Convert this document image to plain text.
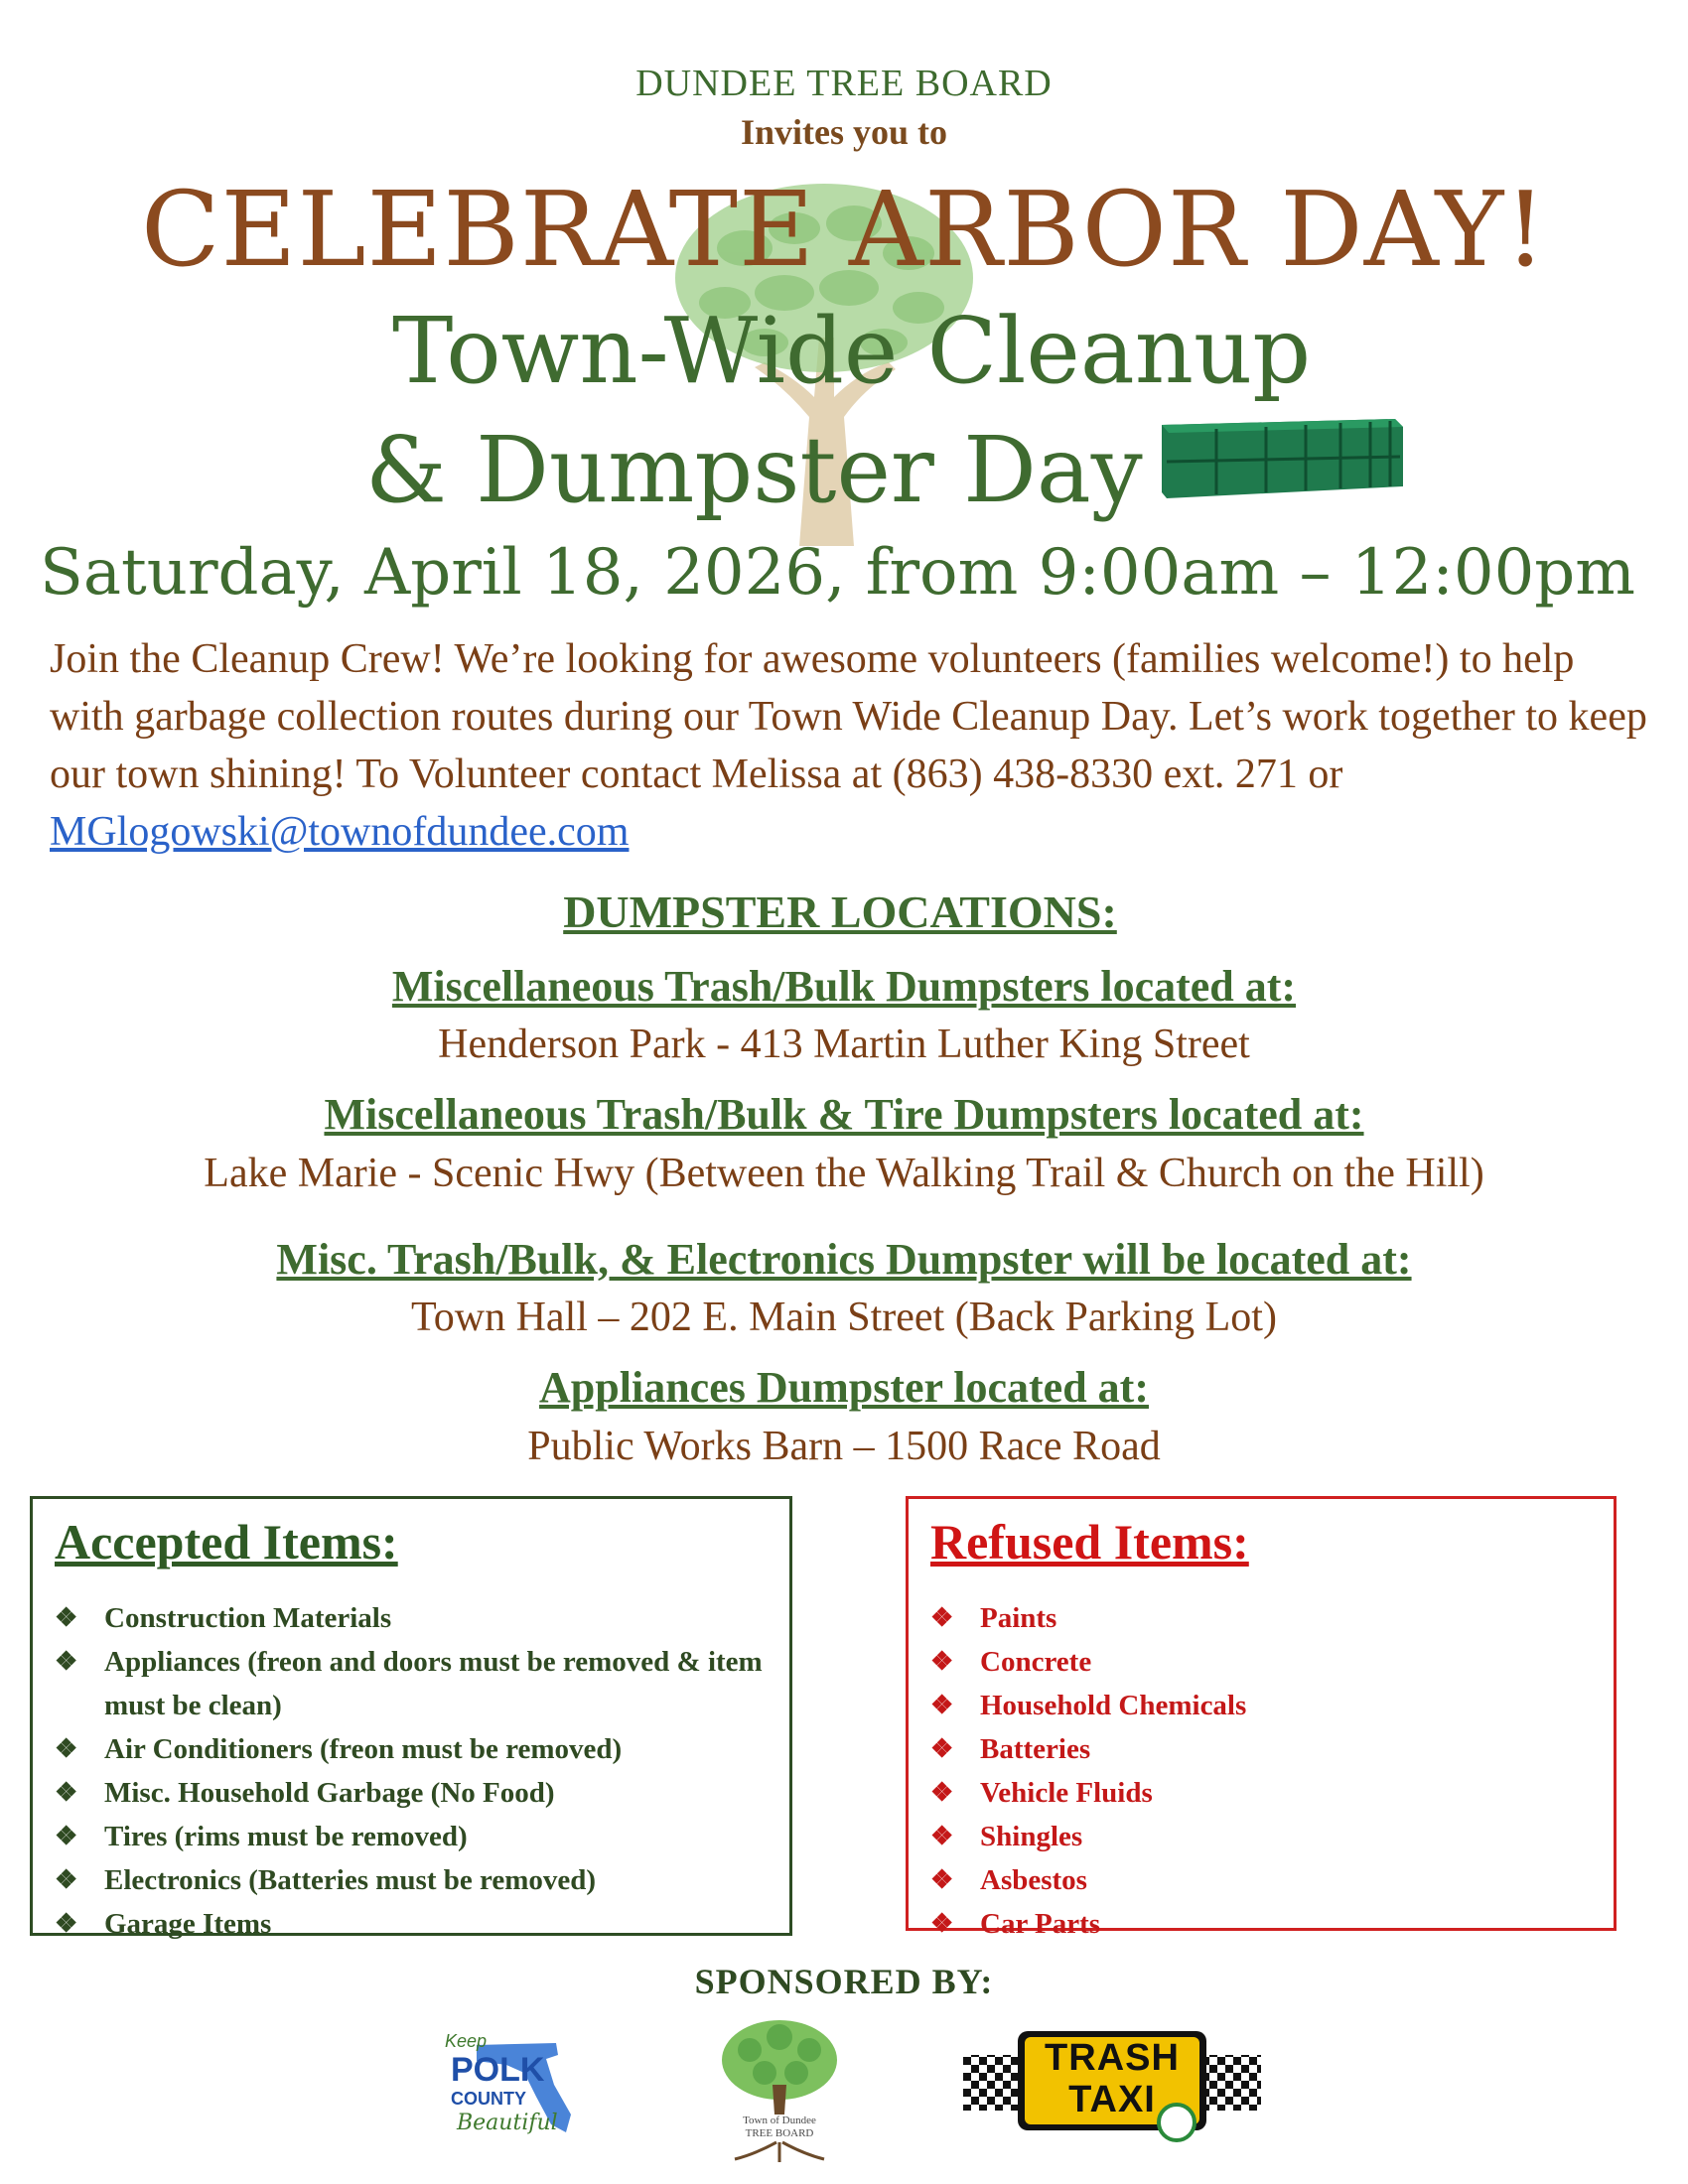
DUNDEE TREE BOARD
Invites you to
CELEBRATE ARBOR DAY!
Town-Wide Cleanup
& Dumpster Day
Saturday, April 18, 2026, from 9:00am – 12:00pm
Join the Cleanup Crew! We’re looking for awesome volunteers (families welcome!) to help with garbage collection routes during our Town Wide Cleanup Day. Let’s work together to keep our town shining! To Volunteer contact Melissa at (863) 438-8330 ext. 271 or MGlogowski@townofdundee.com
DUMPSTER LOCATIONS:
Miscellaneous Trash/Bulk Dumpsters located at:
Henderson Park - 413 Martin Luther King Street
Miscellaneous Trash/Bulk & Tire Dumpsters located at:
Lake Marie - Scenic Hwy (Between the Walking Trail & Church on the Hill)
Misc. Trash/Bulk, & Electronics Dumpster will be located at:
Town Hall – 202 E. Main Street (Back Parking Lot)
Appliances Dumpster located at:
Public Works Barn – 1500 Race Road
Accepted Items:
❖ Construction Materials
❖ Appliances (freon and doors must be removed & item must be clean)
❖ Air Conditioners (freon must be removed)
❖ Misc. Household Garbage (No Food)
❖ Tires (rims must be removed)
❖ Electronics (Batteries must be removed)
❖ Garage Items
Refused Items:
❖ Paints
❖ Concrete
❖ Household Chemicals
❖ Batteries
❖ Vehicle Fluids
❖ Shingles
❖ Asbestos
❖ Car Parts
SPONSORED BY:
Keep
POLK
COUNTY
Beautiful	Town of Dundee
TREE BOARD
TRASH
TAXI
